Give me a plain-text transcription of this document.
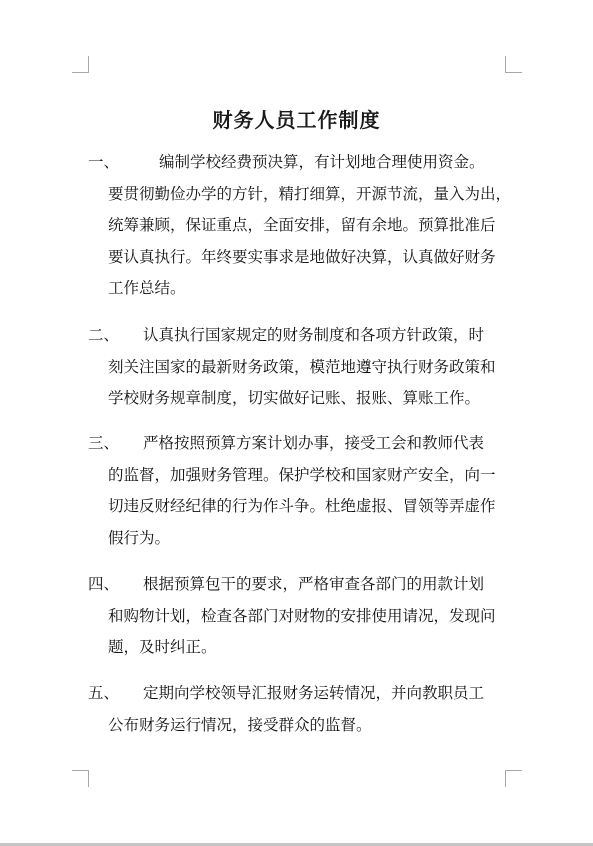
财务人员工作制度
一、	编制学校经费预决算，有计划地合理使用资金。
要贯彻勤俭办学的方针，精打细算，开源节流，量入为出，
统筹兼顾，保证重点，全面安排，留有余地。预算批准后
要认真执行。年终要实事求是地做好决算，认真做好财务
工作总结。
二、 认真执行国家规定的财务制度和各项方针政策，时
刻关注国家的最新财务政策，模范地遵守执行财务政策和
学校财务规章制度，切实做好记账、报账、算账工作。
三、 严格按照预算方案计划办事，接受工会和教师代表
的监督，加强财务管理。保护学校和国家财产安全，向一
切违反财经纪律的行为作斗争。杜绝虚报、冒领等弄虚作
假行为。
四、 根据预算包干的要求，严格审查各部门的用款计划
和购物计划，检查各部门对财物的安排使用请况，发现问
题，及时纠正。
五、 定期向学校领导汇报财务运转情况，并向教职员工
公布财务运行情况，接受群众的监督。
